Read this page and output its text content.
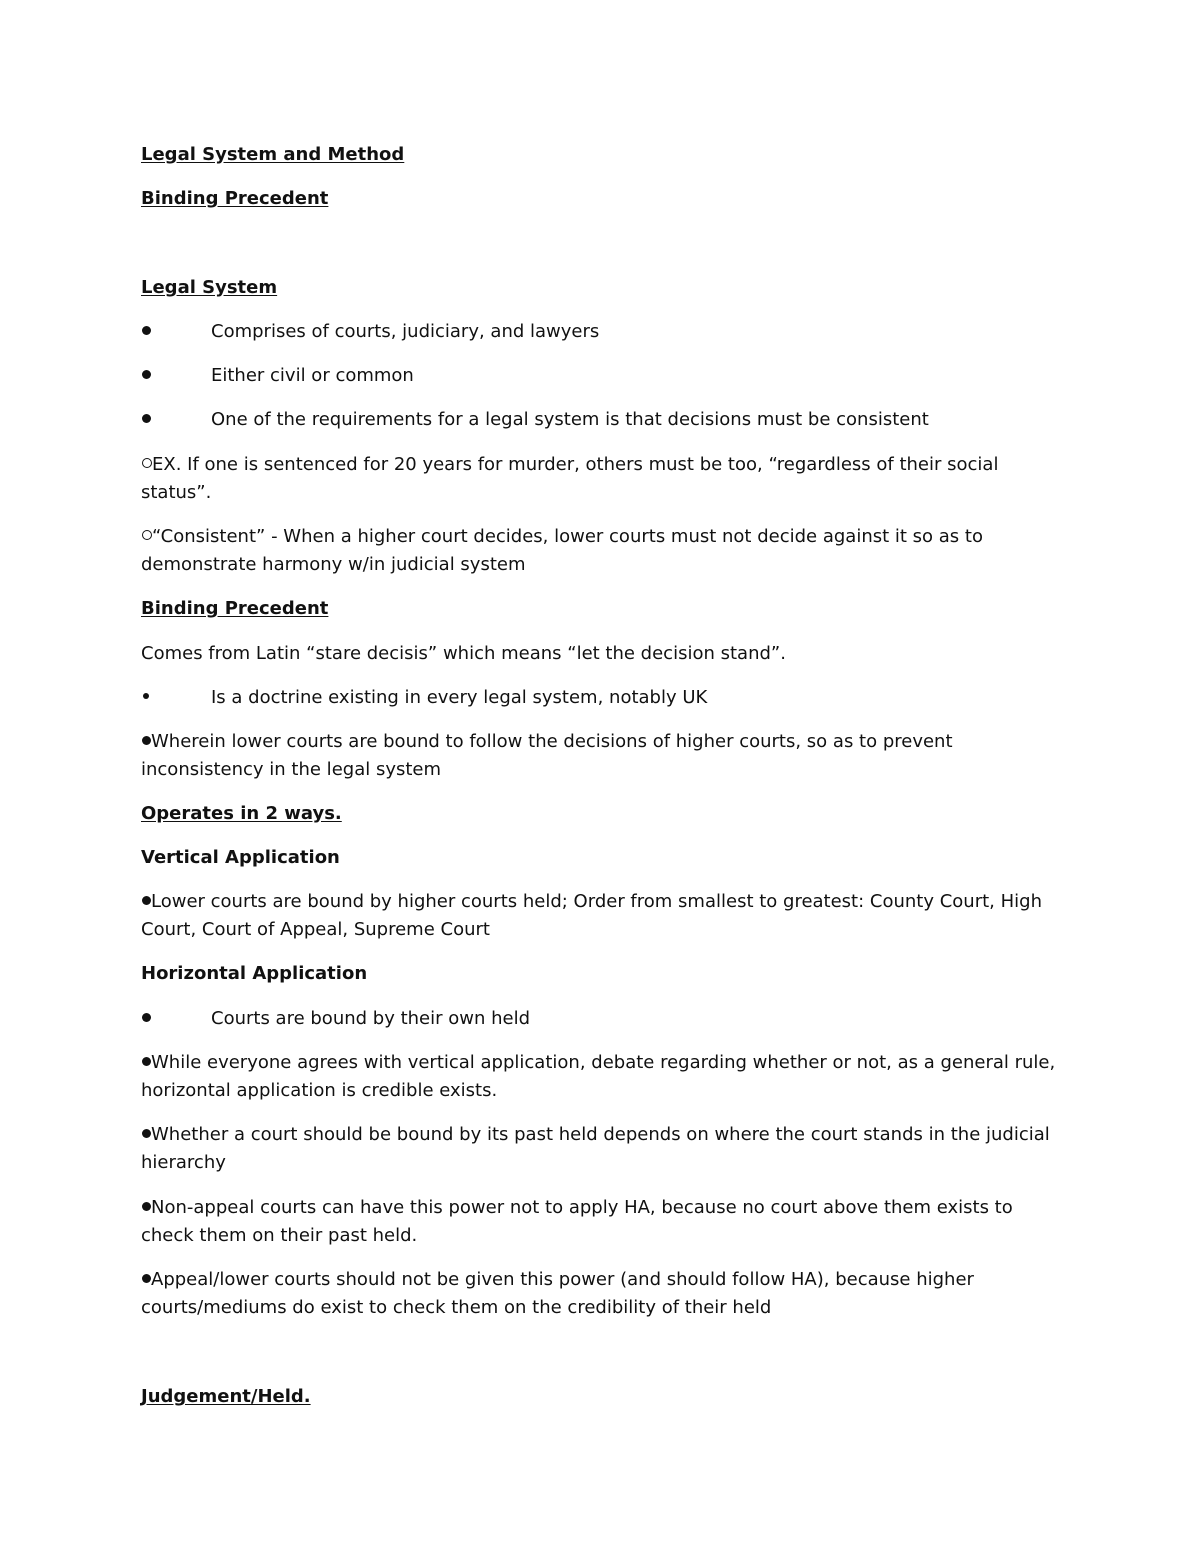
Legal System and Method
Binding Precedent
Legal System
Comprises of courts, judiciary, and lawyers
Either civil or common
One of the requirements for a legal system is that decisions must be consistent
EX. If one is sentenced for 20 years for murder, others must be too, “regardless of their social status”.
“Consistent” - When a higher court decides, lower courts must not decide against it so as to demonstrate harmony w/in judicial system
Binding Precedent
Comes from Latin “stare decisis” which means “let the decision stand”.
Is a doctrine existing in every legal system, notably UK
Wherein lower courts are bound to follow the decisions of higher courts, so as to prevent inconsistency in the legal system
Operates in 2 ways.
Vertical Application
Lower courts are bound by higher courts held; Order from smallest to greatest: County Court, High Court, Court of Appeal, Supreme Court
Horizontal Application
Courts are bound by their own held
While everyone agrees with vertical application, debate regarding whether or not, as a general rule, horizontal application is credible exists.
Whether a court should be bound by its past held depends on where the court stands in the judicial hierarchy
Non-appeal courts can have this power not to apply HA, because no court above them exists to check them on their past held.
Appeal/lower courts should not be given this power (and should follow HA), because higher courts/mediums do exist to check them on the credibility of their held
Judgement/Held.
